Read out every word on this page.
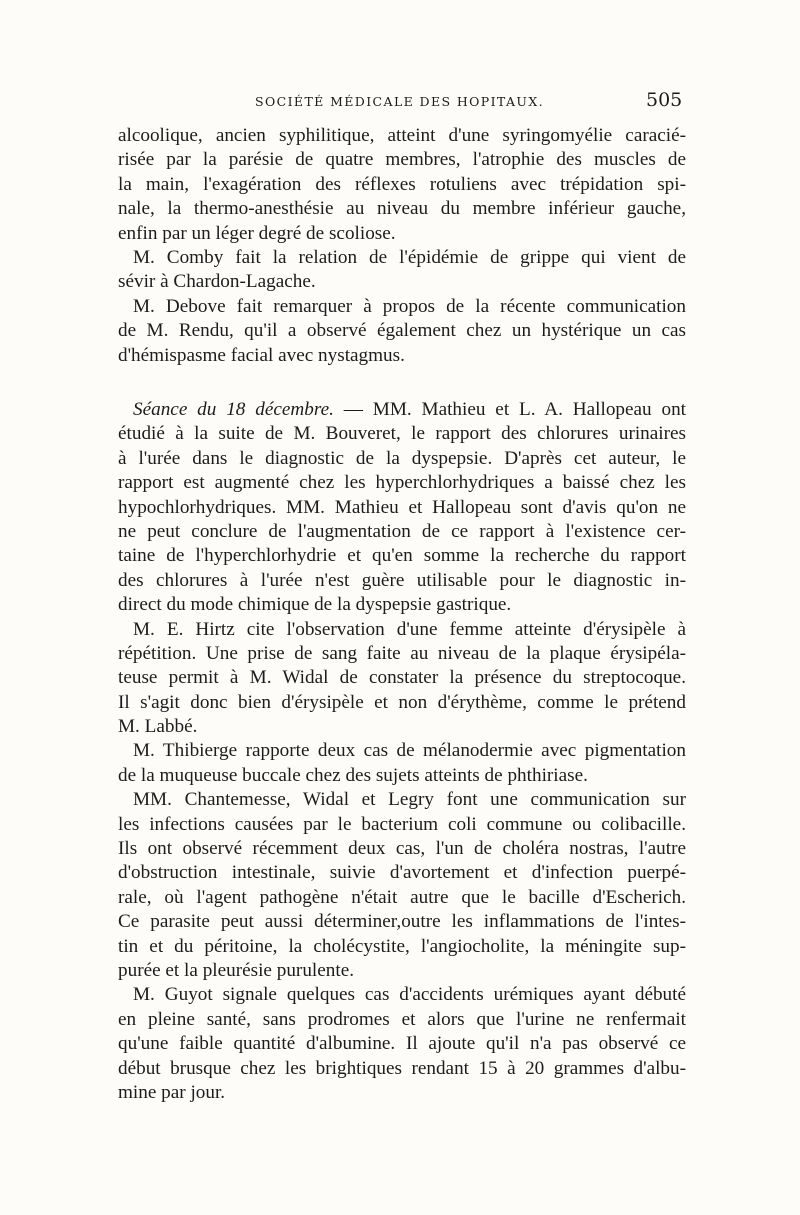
SOCIÉTÉ MÉDICALE DES HOPITAUX.	505
alcoolique, ancien syphilitique, atteint d'une syringomyélie caracié-
risée par la parésie de quatre membres, l'atrophie des muscles de
la main, l'exagération des réflexes rotuliens avec trépidation spi-
nale, la thermo-anesthésie au niveau du membre inférieur gauche,
enfin par un léger degré de scoliose.
M. Comby fait la relation de l'épidémie de grippe qui vient de
sévir à Chardon-Lagache.
M. Debove fait remarquer à propos de la récente communication
de M. Rendu, qu'il a observé également chez un hystérique un cas
d'hémispasme facial avec nystagmus.
Séance du 18 décembre. — MM. Mathieu et L. A. Hallopeau ont
étudié à la suite de M. Bouveret, le rapport des chlorures urinaires
à l'urée dans le diagnostic de la dyspepsie. D'après cet auteur, le
rapport est augmenté chez les hyperchlorhydriques a baissé chez les
hypochlorhydriques. MM. Mathieu et Hallopeau sont d'avis qu'on ne
ne peut conclure de l'augmentation de ce rapport à l'existence cer-
taine de l'hyperchlorhydrie et qu'en somme la recherche du rapport
des chlorures à l'urée n'est guère utilisable pour le diagnostic in-
direct du mode chimique de la dyspepsie gastrique.
M. E. Hirtz cite l'observation d'une femme atteinte d'érysipèle à
répétition. Une prise de sang faite au niveau de la plaque érysipéla-
teuse permit à M. Widal de constater la présence du streptocoque.
Il s'agit donc bien d'érysipèle et non d'érythème, comme le prétend
M. Labbé.
M. Thibierge rapporte deux cas de mélanodermie avec pigmentation
de la muqueuse buccale chez des sujets atteints de phthiriase.
MM. Chantemesse, Widal et Legry font une communication sur
les infections causées par le bacterium coli commune ou colibacille.
Ils ont observé récemment deux cas, l'un de choléra nostras, l'autre
d'obstruction intestinale, suivie d'avortement et d'infection puerpé-
rale, où l'agent pathogène n'était autre que le bacille d'Escherich.
Ce parasite peut aussi déterminer,outre les inflammations de l'intes-
tin et du péritoine, la cholécystite, l'angiocholite, la méningite sup-
purée et la pleurésie purulente.
M. Guyot signale quelques cas d'accidents urémiques ayant débuté
en pleine santé, sans prodromes et alors que l'urine ne renfermait
qu'une faible quantité d'albumine. Il ajoute qu'il n'a pas observé ce
début brusque chez les brightiques rendant 15 à 20 grammes d'albu-
mine par jour.
